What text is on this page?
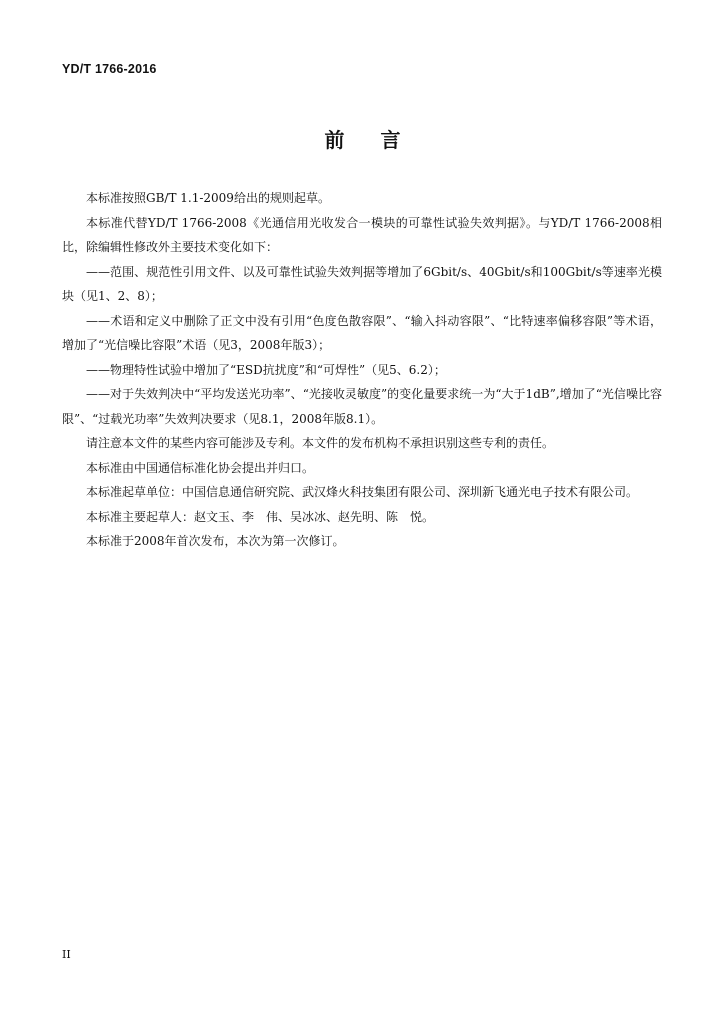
YD/T 1766-2016
前言

本标准按照GB/T 1.1-2009给出的规则起草。

本标准代替YD/T 1766-2008《光通信用光收发合一模块的可靠性试验失效判据》。与YD/T 1766-2008相比，除编辑性修改外主要技术变化如下：

——范围、规范性引用文件、以及可靠性试验失效判据等增加了6Gbit/s、40Gbit/s和100Gbit/s等速率光模块（见1、2、8）；

——术语和定义中删除了正文中没有引用“色度色散容限”、“输入抖动容限”、“比特速率偏移容限”等术语，增加了“光信噪比容限”术语（见3，2008年版3）；

——物理特性试验中增加了“ESD抗扰度”和“可焊性”（见5、6.2）；

——对于失效判决中“平均发送光功率”、“光接收灵敏度”的变化量要求统一为“大于1dB”,增加了“光信噪比容限”、“过载光功率”失效判决要求（见8.1，2008年版8.1）。

请注意本文件的某些内容可能涉及专利。本文件的发布机构不承担识别这些专利的责任。

本标准由中国通信标准化协会提出并归口。

本标准起草单位：中国信息通信研究院、武汉烽火科技集团有限公司、深圳新飞通光电子技术有限公司。

本标准主要起草人：赵文玉、李　伟、吴冰冰、赵先明、陈　悦。

本标准于2008年首次发布，本次为第一次修订。

II
